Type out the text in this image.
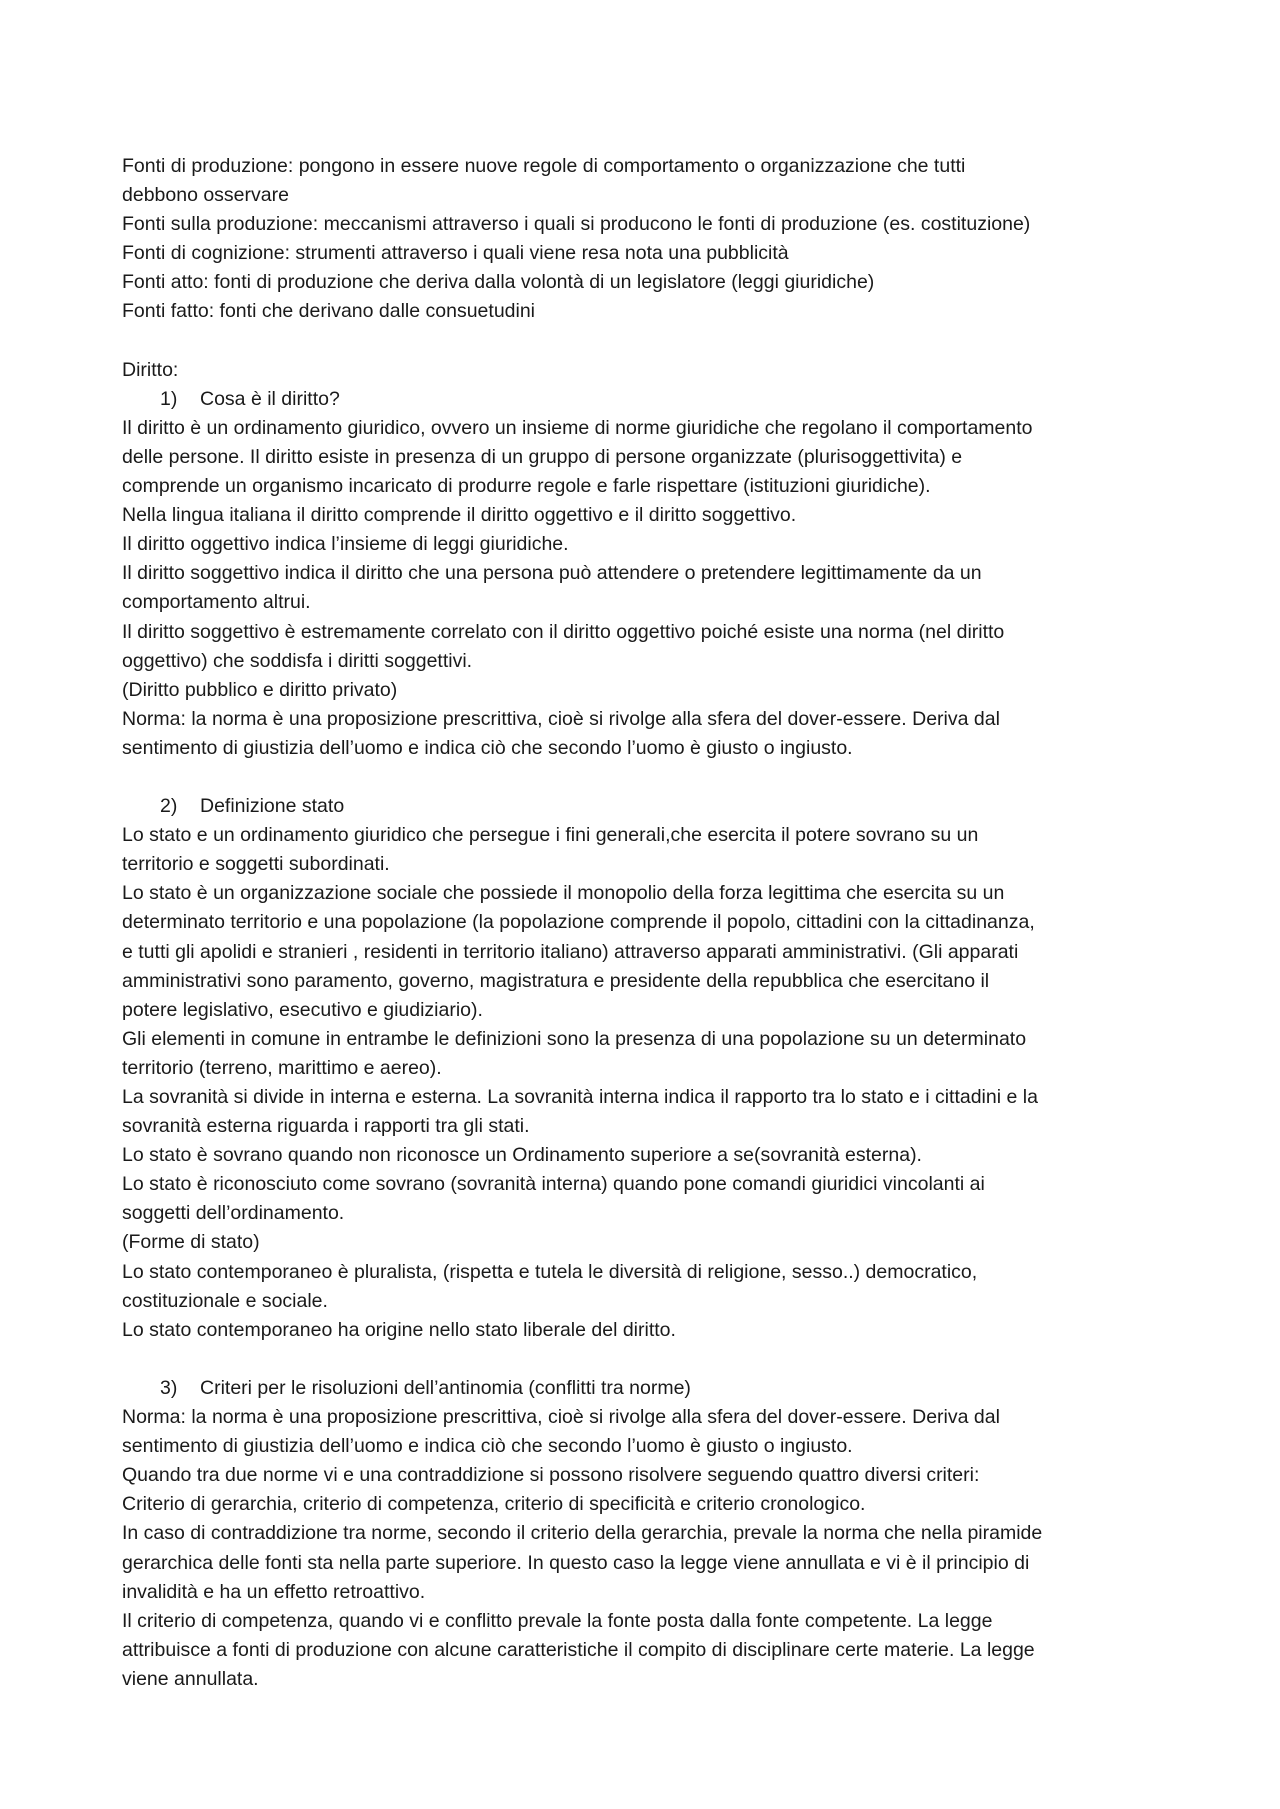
Fonti di produzione: pongono in essere nuove regole di comportamento o organizzazione che tutti

debbono osservare

Fonti sulla produzione: meccanismi attraverso i quali si producono le fonti di produzione (es. costituzione)

Fonti di cognizione: strumenti attraverso i quali viene resa nota una pubblicità

Fonti atto: fonti di produzione che deriva dalla volontà di un legislatore (leggi giuridiche)

Fonti fatto: fonti che derivano dalle consuetudini

Diritto:

1) Cosa è il diritto?

Il diritto è un ordinamento giuridico, ovvero un insieme di norme giuridiche che regolano il comportamento

delle persone. Il diritto esiste in presenza di un gruppo di persone organizzate (plurisoggettivita) e

comprende un organismo incaricato di produrre regole e farle rispettare (istituzioni giuridiche).

Nella lingua italiana il diritto comprende il diritto oggettivo e il diritto soggettivo.

Il diritto oggettivo indica l’insieme di leggi giuridiche.

Il diritto soggettivo indica il diritto che una persona può attendere o pretendere legittimamente da un

comportamento altrui.

Il diritto soggettivo è estremamente correlato con il diritto oggettivo poiché esiste una norma (nel diritto

oggettivo) che soddisfa i diritti soggettivi.

(Diritto pubblico e diritto privato)

Norma: la norma è una proposizione prescrittiva, cioè si rivolge alla sfera del dover-essere. Deriva dal

sentimento di giustizia dell’uomo e indica ciò che secondo l’uomo è giusto o ingiusto.

2) Definizione stato

Lo stato e un ordinamento giuridico che persegue i fini generali,che esercita il potere sovrano su un

territorio e soggetti subordinati.

Lo stato è un organizzazione sociale che possiede il monopolio della forza legittima che esercita su un

determinato territorio e una popolazione (la popolazione comprende il popolo, cittadini con la cittadinanza,

e tutti gli apolidi e stranieri , residenti in territorio italiano) attraverso apparati amministrativi. (Gli apparati

amministrativi sono paramento, governo, magistratura e presidente della repubblica che esercitano il

potere legislativo, esecutivo e giudiziario).

Gli elementi in comune in entrambe le definizioni sono la presenza di una popolazione su un determinato

territorio (terreno, marittimo e aereo).

La sovranità si divide in interna e esterna. La sovranità interna indica il rapporto tra lo stato e i cittadini e la

sovranità esterna riguarda i rapporti tra gli stati.

Lo stato è sovrano quando non riconosce un Ordinamento superiore a se(sovranità esterna).

Lo stato è riconosciuto come sovrano (sovranità interna) quando pone comandi giuridici vincolanti ai

soggetti dell’ordinamento.

(Forme di stato)

Lo stato contemporaneo è pluralista, (rispetta e tutela le diversità di religione, sesso..) democratico,

costituzionale e sociale.

Lo stato contemporaneo ha origine nello stato liberale del diritto.

3) Criteri per le risoluzioni dell’antinomia (conflitti tra norme)

Norma: la norma è una proposizione prescrittiva, cioè si rivolge alla sfera del dover-essere. Deriva dal

sentimento di giustizia dell’uomo e indica ciò che secondo l’uomo è giusto o ingiusto.

Quando tra due norme vi e una contraddizione si possono risolvere seguendo quattro diversi criteri:

Criterio di gerarchia, criterio di competenza, criterio di specificità e criterio cronologico.

In caso di contraddizione tra norme, secondo il criterio della gerarchia, prevale la norma che nella piramide

gerarchica delle fonti sta nella parte superiore. In questo caso la legge viene annullata e vi è il principio di

invalidità e ha un effetto retroattivo.

Il criterio di competenza, quando vi e conflitto prevale la fonte posta dalla fonte competente. La legge

attribuisce a fonti di produzione con alcune caratteristiche il compito di disciplinare certe materie. La legge

viene annullata.
